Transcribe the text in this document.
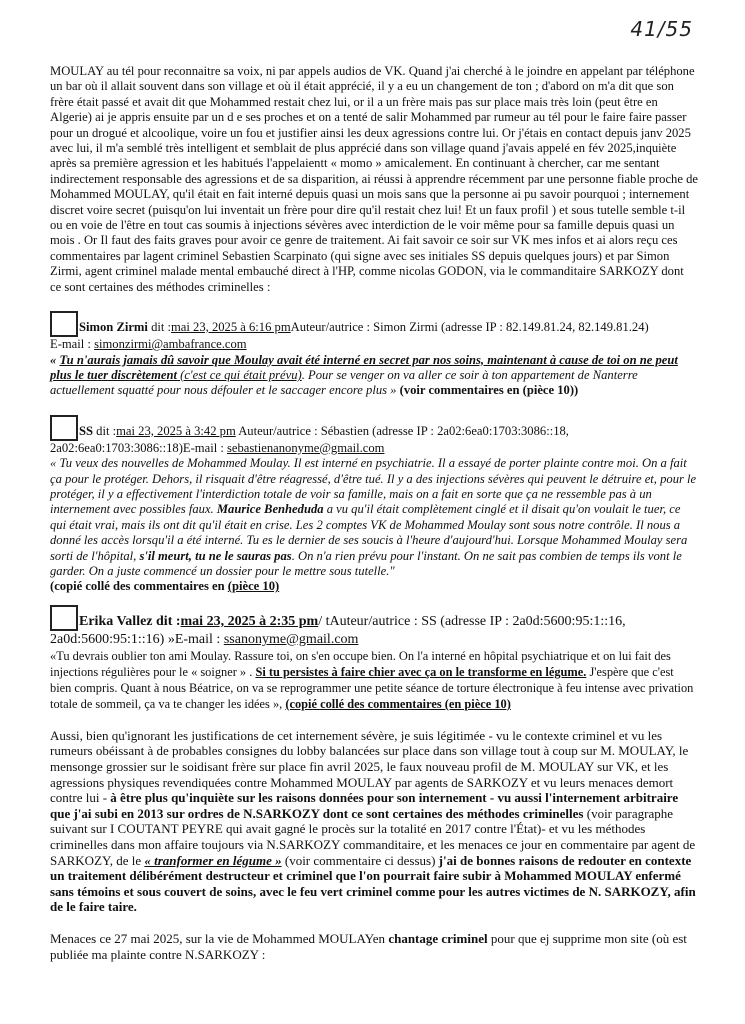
41/55

MOULAY au tél pour reconnaitre sa voix, ni par appels audios de VK. Quand j'ai cherché à le joindre en appelant par téléphone un bar où il allait souvent dans son village et où il était apprécié, il y a eu un changement de ton ; d'abord on m'a dit que son frère était passé et avait dit que Mohammed restait chez lui, or il a un frère mais pas sur place mais très loin (peut être en Algerie) ai je appris ensuite par un d e ses proches et on a tenté de salir Mohammed par rumeur au tél pour le faire faire passer pour un drogué et alcoolique, voire un fou et justifier ainsi les deux agressions contre lui. Or j'étais en contact depuis janv 2025 avec lui, il m'a semblé très intelligent et semblait de plus apprécié dans son village quand j'avais appelé en fév 2025,inquiète après sa première agression et les habitués l'appelaientt « momo » amicalement. En continuant à chercher, car me sentant indirectement responsable des agressions et de sa disparition, ai réussi à apprendre récemment par une personne fiable proche de Mohammed MOULAY, qu'il était en fait interné depuis quasi un mois sans que la personne ai pu savoir pourquoi ; internement discret voire secret (puisqu'on lui inventait un frère pour dire qu'il restait chez lui! Et un faux profil ) et sous tutelle semble t-il ou en voie de l'être en tout cas soumis à injections sévères avec interdiction de le voir même pour sa famille depuis quasi un mois . Or Il faut des faits graves pour avoir ce genre de traitement. Ai fait savoir ce soir sur VK mes infos et ai alors reçu ces commentaires par lagent criminel Sebastien Scarpinato (qui signe avec ses initiales SS depuis quelques jours) et par Simon Zirmi, agent criminel malade mental embauché direct à l'HP, comme nicolas GODON, via le commanditaire SARKOZY dont ce sont certaines des méthodes criminelles :

Simon Zirmi dit :mai 23, 2025 à 6:16 pmAuteur/autrice : Simon Zirmi (adresse IP : 82.149.81.24, 82.149.81.24)
E-mail : simonzirmi@ambafrance.com

« Tu n'aurais jamais dû savoir que Moulay avait été interné en secret par nos soins, maintenant à cause de toi on ne peut plus le tuer discrètement (c'est ce qui était prévu). Pour se venger on va aller ce soir à ton appartement de Nanterre actuellement squatté pour nous défouler et le saccager encore plus » (voir commentaires en (pièce 10))

SS dit :mai 23, 2025 à 3:42 pm Auteur/autrice : Sébastien (adresse IP : 2a02:6ea0:1703:3086::18, 2a02:6ea0:1703:3086::18)E-mail : sebastienanonyme@gmail.com

« Tu veux des nouvelles de Mohammed Moulay. Il est interné en psychiatrie. Il a essayé de porter plainte contre moi. On a fait ça pour le protéger. Dehors, il risquait d'être réagressé, d'être tué. Il y a des injections sévères qui peuvent le détruire et, pour le protéger, il y a effectivement l'interdiction totale de voir sa famille, mais on a fait en sorte que ça ne ressemble pas à un internement avec possibles faux. Maurice Benheduda a vu qu'il était complètement cinglé et il disait qu'on voulait le tuer, ce qui était vrai, mais ils ont dit qu'il était en crise. Les 2 comptes VK de Mohammed Moulay sont sous notre contrôle. Il nous a donné les accès lorsqu'il a été interné. Tu es le dernier de ses soucis à l'heure d'aujourd'hui. Lorsque Mohammed Moulay sera sorti de l'hôpital, s'il meurt, tu ne le sauras pas. On n'a rien prévu pour l'instant. On ne sait pas combien de temps ils vont le garder. On a juste commencé un dossier pour le mettre sous tutelle."

(copié collé des commentaires en (pièce 10)

Erika Vallez dit :mai 23, 2025 à 2:35 pm/ tAuteur/autrice : SS (adresse IP : 2a0d:5600:95:1::16, 2a0d:5600:95:1::16) »E-mail : ssanonyme@gmail.com

«Tu devrais oublier ton ami Moulay. Rassure toi, on s'en occupe bien. On l'a interné en hôpital psychiatrique et on lui fait des injections régulières pour le « soigner » . Si tu persistes à faire chier avec ça on le transforme en légume. J'espère que c'est bien compris. Quant à nous Béatrice, on va se reprogrammer une petite séance de torture électronique à feu intense avec privation totale de sommeil, ça va te changer les idées », (copié collé des commentaires (en pièce 10)

Aussi, bien qu'ignorant les justifications de cet internement sévère, je suis légitimée - vu le contexte criminel et vu les rumeurs obéissant à de probables consignes du lobby balancées sur place dans son village tout à coup sur M. MOULAY, le mensonge grossier sur le soidisant frère sur place fin avril 2025, le faux nouveau profil de M. MOULAY sur VK, et les agressions physiques revendiquées contre Mohammed MOULAY par agents de SARKOZY et vu leurs menaces demort contre lui - à être plus qu'inquiète sur les raisons données pour son internement - vu aussi l'internement arbitraire que j'ai subi en 2013 sur ordres de N.SARKOZY dont ce sont certaines des méthodes criminelles (voir paragraphe suivant sur I COUTANT PEYRE qui avait gagné le procès sur la totalité en 2017 contre l'État)- et vu les méthodes criminelles dans mon affaire toujours via N.SARKOZY commanditaire, et les menaces ce jour en commentaire par agent de SARKOZY, de le « tranformer en légume » (voir commentaire ci dessus) j'ai de bonnes raisons de redouter en contexte un traitement délibérément destructeur et criminel que l'on pourrait faire subir à Mohammed MOULAY enfermé sans témoins et sous couvert de soins, avec le feu vert criminel comme pour les autres victimes de N. SARKOZY, afin de le faire taire.

Menaces ce 27 mai 2025, sur la vie de Mohammed MOULAYen chantage criminel pour que ej supprime mon site (où est publiée ma plainte contre N.SARKOZY :
